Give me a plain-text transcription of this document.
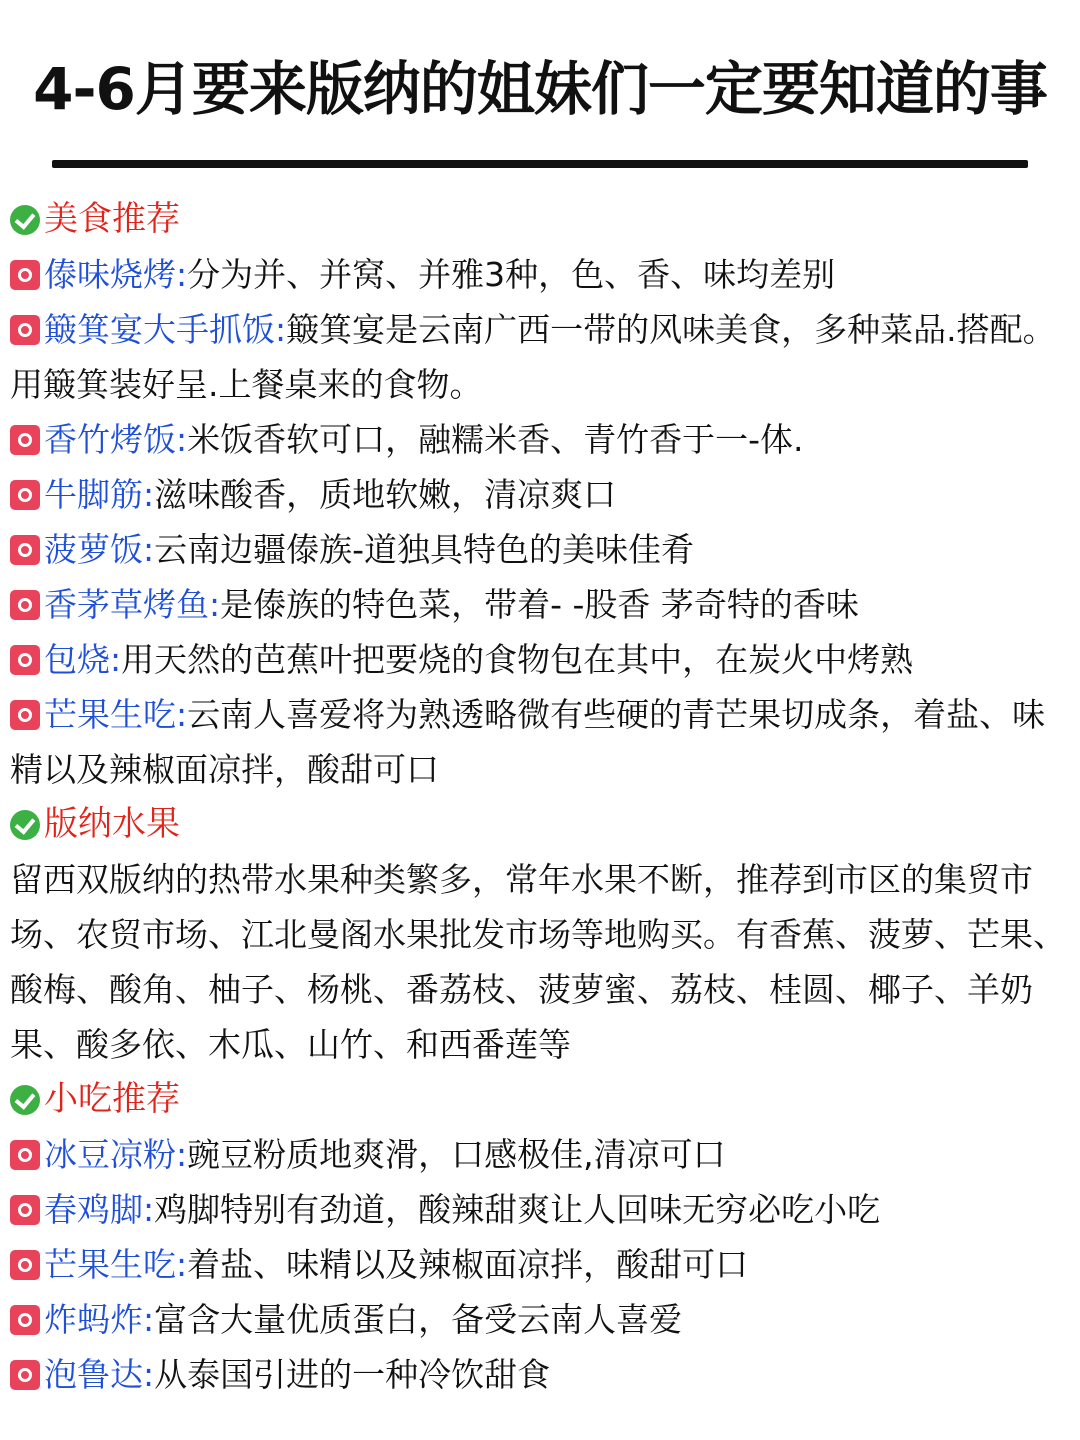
4-6月要来版纳的姐妹们一定要知道的事
美食推荐
傣味烧烤:分为并、并窝、并雅3种，色、香、味均差别
簸箕宴大手抓饭:簸箕宴是云南广西一带的风味美食，多种菜品.搭配。用簸箕装好呈.上餐桌来的食物。
香竹烤饭:米饭香软可口，融糯米香、青竹香于一-体.
牛脚筋:滋味酸香，质地软嫩，清凉爽口
菠萝饭:云南边疆傣族-道独具特色的美味佳肴
香茅草烤鱼:是傣族的特色菜，带着- -股香 茅奇特的香味
包烧:用天然的芭蕉叶把要烧的食物包在其中，在炭火中烤熟
芒果生吃:云南人喜爱将为熟透略微有些硬的青芒果切成条，着盐、味精以及辣椒面凉拌，酸甜可口
版纳水果
留西双版纳的热带水果种类繁多，常年水果不断，推荐到市区的集贸市场、农贸市场、江北曼阁水果批发市场等地购买。有香蕉、菠萝、芒果、酸梅、酸角、柚子、杨桃、番荔枝、菠萝蜜、荔枝、桂圆、椰子、羊奶果、酸多依、木瓜、山竹、和西番莲等
小吃推荐
冰豆凉粉:豌豆粉质地爽滑，口感极佳,清凉可口
春鸡脚:鸡脚特别有劲道，酸辣甜爽让人回味无穷必吃小吃
芒果生吃:着盐、味精以及辣椒面凉拌，酸甜可口
炸蚂炸:富含大量优质蛋白，备受云南人喜爱
泡鲁达:从泰国引进的一种冷饮甜食
